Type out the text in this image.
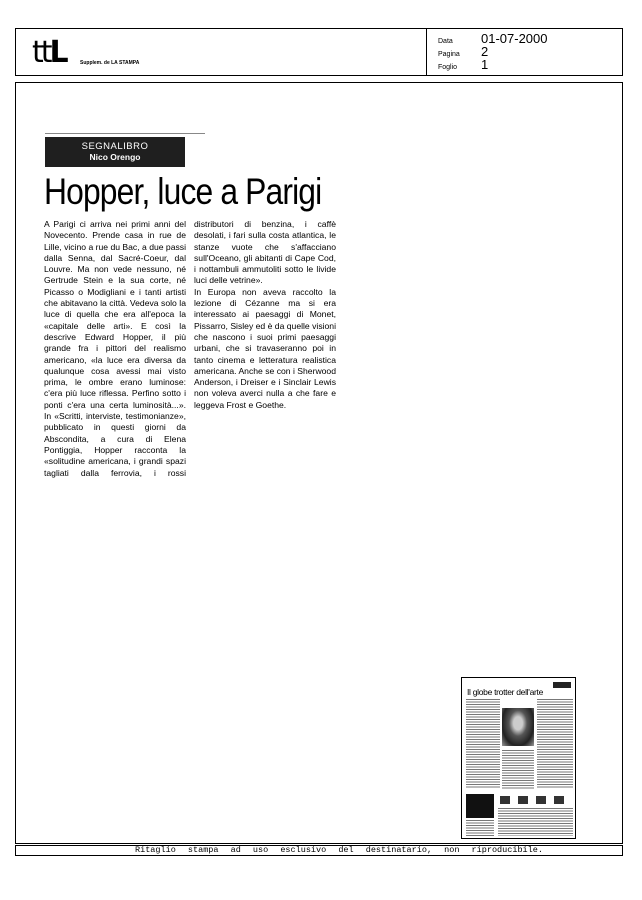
ttL	Supplem. de LA STAMPA
Data	01-07-2000
Pagina	2
Foglio	1
SEGNALIBRO
Nico Orengo
Hopper, luce a Parigi

A Parigi ci arriva nei primi anni del Novecento. Prende casa in rue de Lille, vicino a rue du Bac, a due passi dalla Senna, dal Sacré-Coeur, dal Louvre. Ma non vede nessuno, né Gertrude Stein e la sua corte, né Picasso o Modigliani e i tanti artisti che abitavano la città. Vedeva solo la luce di quella che era all'epoca la «capitale delle arti». E così la descrive Edward Hopper, il più grande fra i pittori del realismo americano, «la luce era diversa da qualunque cosa avessi mai visto prima, le ombre erano luminose: c'era più luce riflessa. Perfino sotto i ponti c'era una certa luminosità...». In «Scritti, interviste, testimonianze», pubblicato in questi giorni da Abscondita, a cura di Elena Pontiggia, Hopper racconta la «solitudine americana, i grandi spazi tagliati dalla ferrovia, i rossi distributori di benzina, i caffè desolati, i fari sulla costa atlantica, le stanze vuote che s'affacciano sull'Oceano, gli abitanti di Cape Cod, i nottambuli ammutoliti sotto le livide luci delle vetrine».

In Europa non aveva raccolto la lezione di Cézanne ma si era interessato ai paesaggi di Monet, Pissarro, Sisley ed è da quelle visioni che nascono i suoi primi paesaggi urbani, che si travaseranno poi in tanto cinema e letteratura realistica americana. Anche se con i Sherwood Anderson, i Dreiser e i Sinclair Lewis non voleva averci nulla a che fare e leggeva Frost e Goethe.

Il globe trotter dell'arte
Ritaglio stampa ad uso esclusivo del destinatario, non riproducibile.
